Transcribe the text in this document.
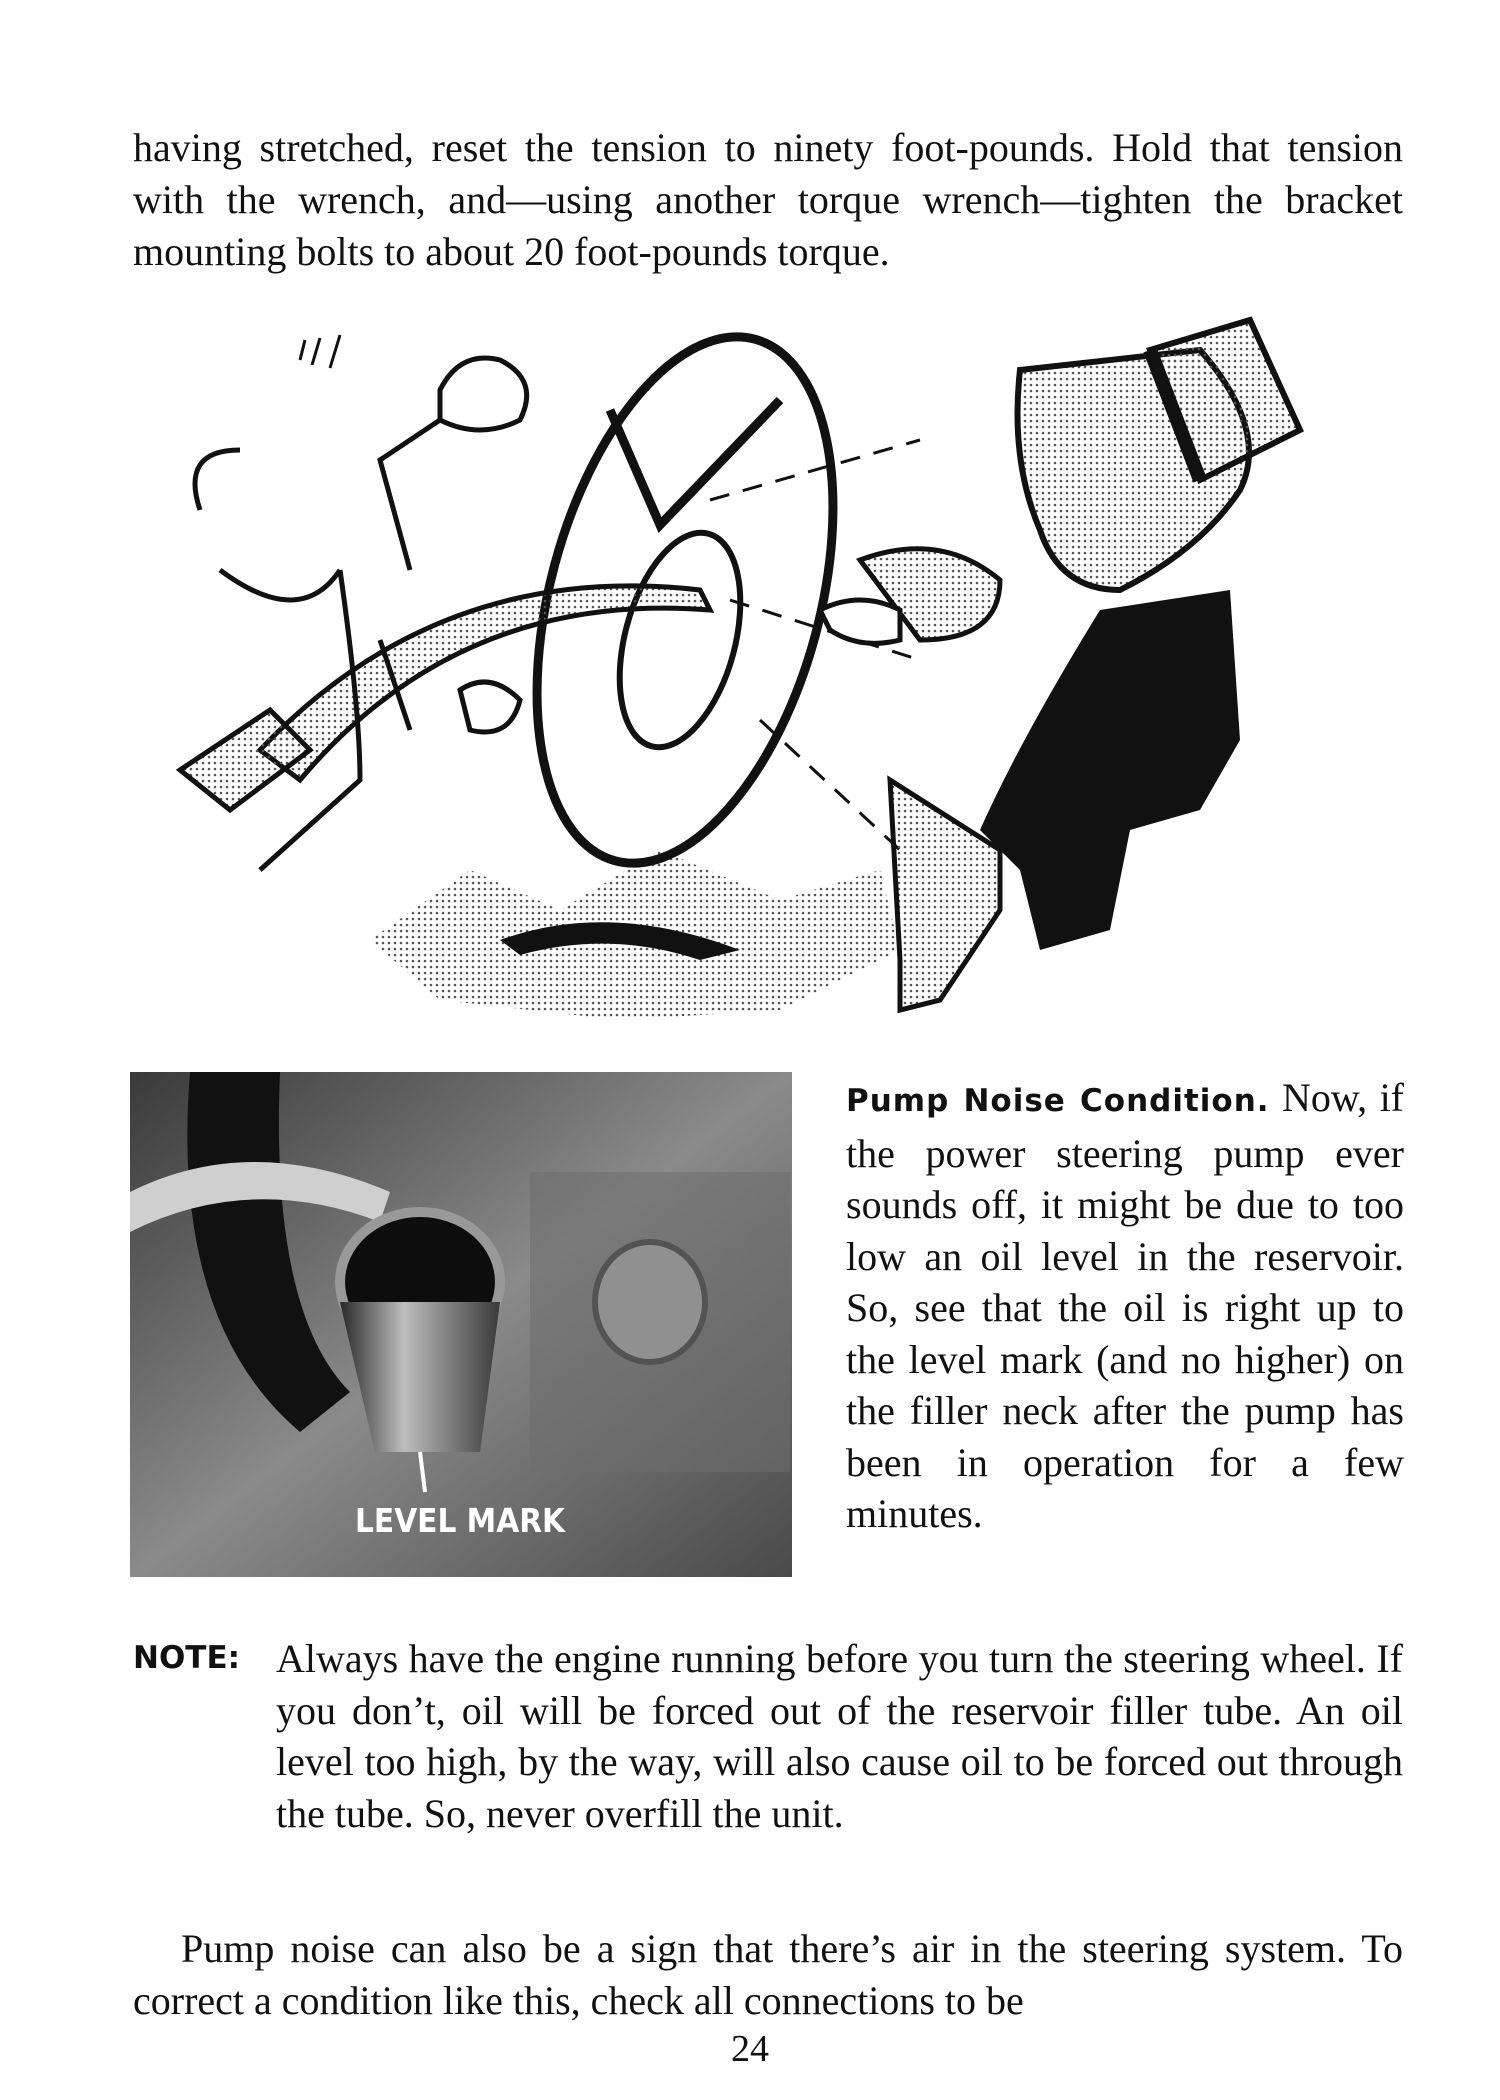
having stretched, reset the tension to ninety foot-pounds. Hold that tension with the wrench, and—using another torque wrench—tighten the bracket mounting bolts to about 20 foot-pounds torque.

LEVEL MARK
Pump Noise Condition. Now, if the power steering pump ever sounds off, it might be due to too low an oil level in the reservoir. So, see that the oil is right up to the level mark (and no higher) on the filler neck after the pump has been in operation for a few minutes.
NOTE: Always have the engine running before you turn the steering wheel. If you don’t, oil will be forced out of the reservoir filler tube. An oil level too high, by the way, will also cause oil to be forced out through the tube. So, never overfill the unit.

Pump noise can also be a sign that there’s air in the steering system. To correct a condition like this, check all connections to be

24
